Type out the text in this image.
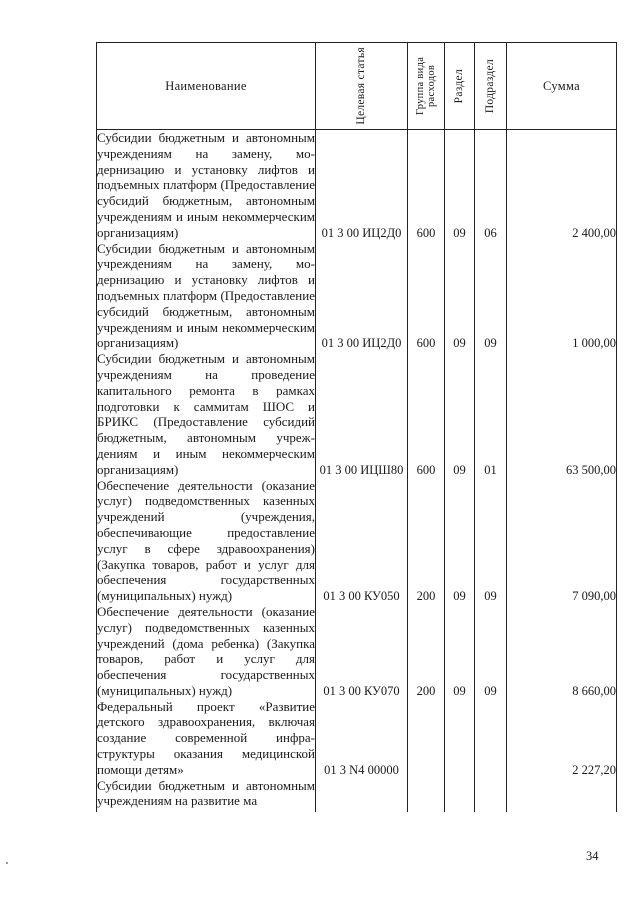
Наименование	Целевая статья	Группа вида расходов	Раздел	Подраздел	Сумма
Субсидии бюджетным и автономным учреждениям на замену, модернизацию и установку лифтов и подъемных платформ (Предоставление субсидий бюджетным, автономным учреждениям и иным некоммерческим организациям)	01 3 00 ИЦ2Д0	600	09	06	2 400,00
Субсидии бюджетным и автономным учреждениям на замену, модернизацию и установку лифтов и подъемных платформ (Предоставление субсидий бюджетным, автономным учреждениям и иным некоммерческим организациям)	01 3 00 ИЦ2Д0	600	09	09	1 000,00
Субсидии бюджетным и автономным учреждениям на проведение капитального ремонта в рамках подготовки к саммитам ШОС и БРИКС (Предоставление субсидий бюджетным, автономным учреждениям и иным некоммерческим организациям)	01 3 00 ИЦШ80	600	09	01	63 500,00
Обеспечение деятельности (оказание услуг) подведомственных казенных учреждений (учреждения, обеспечивающие предоставление услуг в сфере здравоохранения) (Закупка товаров, работ и услуг для обеспечения государственных (муниципальных) нужд)	01 3 00 КУ050	200	09	09	7 090,00
Обеспечение деятельности (оказание услуг) подведомственных казенных учреждений (дома ребенка) (Закупка товаров, работ и услуг для обеспечения государственных (муниципальных) нужд)	01 3 00 КУ070	200	09	09	8 660,00
Федеральный проект «Развитие детского здравоохранения, включая создание современной инфраструктуры оказания медицинской помощи детям»	01 3 N4 00000				2 227,20
Субсидии бюджетным и автономным учреждениям на развитие ма					
34
